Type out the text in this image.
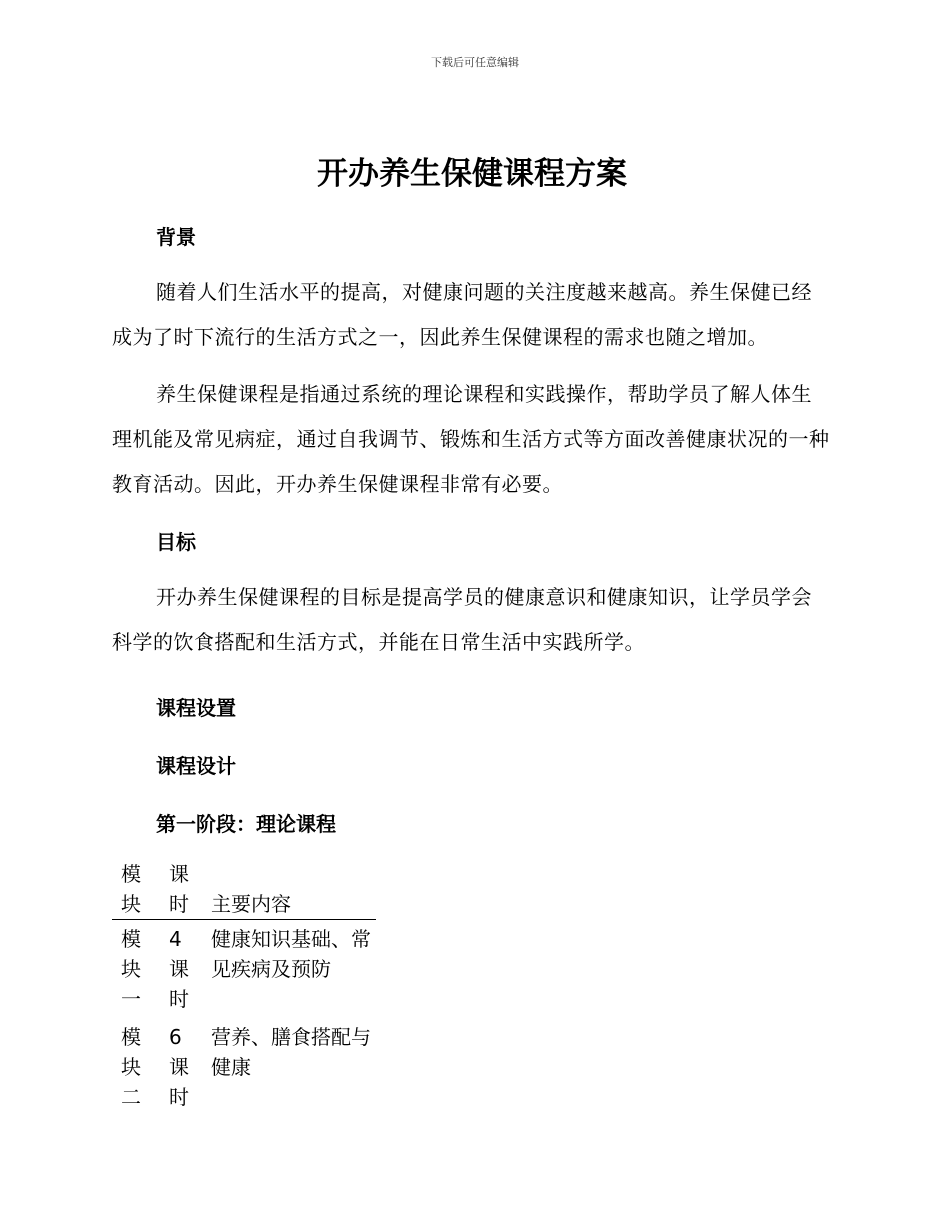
下载后可任意编辑
开办养生保健课程方案
背景

随着人们生活水平的提高，对健康问题的关注度越来越高。养生保健已经成为了时下流行的生活方式之一，因此养生保健课程的需求也随之增加。

养生保健课程是指通过系统的理论课程和实践操作，帮助学员了解人体生理机能及常见病症，通过自我调节、锻炼和生活方式等方面改善健康状况的一种教育活动。因此，开办养生保健课程非常有必要。

目标

开办养生保健课程的目标是提高学员的健康意识和健康知识，让学员学会科学的饮食搭配和生活方式，并能在日常生活中实践所学。

课程设置
课程设计
第一阶段：理论课程
模块	课时	主要内容
模块一	4课时	健康知识基础、常见疾病及预防
模块二	6课时	营养、膳食搭配与健康
